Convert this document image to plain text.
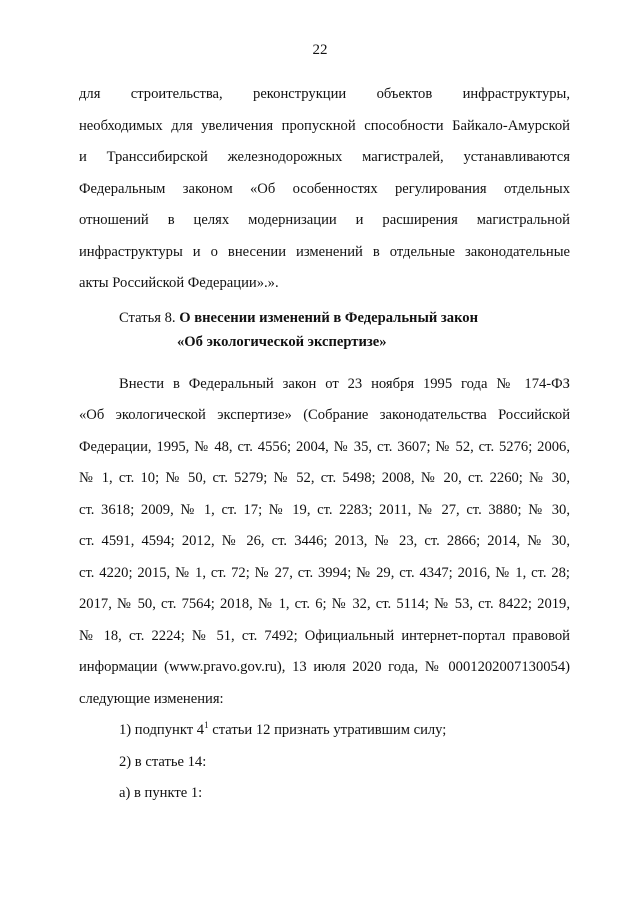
22

для строительства, реконструкции объектов инфраструктуры,

необходимых для увеличения пропускной способности Байкало-Амурской

и Транссибирской железнодорожных магистралей, устанавливаются

Федеральным законом «Об особенностях регулирования отдельных

отношений в целях модернизации и расширения магистральной

инфраструктуры и о внесении изменений в отдельные законодательные

акты Российской Федерации».».

Статья 8. О внесении изменений в Федеральный закон

«Об экологической экспертизе»

Внести в Федеральный закон от 23 ноября 1995 года № 174-ФЗ

«Об экологической экспертизе» (Собрание законодательства Российской

Федерации, 1995, № 48, ст. 4556; 2004, № 35, ст. 3607; № 52, ст. 5276; 2006,

№ 1, ст. 10; № 50, ст. 5279; № 52, ст. 5498; 2008, № 20, ст. 2260; № 30,

ст. 3618; 2009, № 1, ст. 17; № 19, ст. 2283; 2011, № 27, ст. 3880; № 30,

ст. 4591, 4594; 2012, № 26, ст. 3446; 2013, № 23, ст. 2866; 2014, № 30,

ст. 4220; 2015, № 1, ст. 72; № 27, ст. 3994; № 29, ст. 4347; 2016, № 1, ст. 28;

2017, № 50, ст. 7564; 2018, № 1, ст. 6; № 32, ст. 5114; № 53, ст. 8422; 2019,

№ 18, ст. 2224; № 51, ст. 7492; Официальный интернет-портал правовой

информации (www.pravo.gov.ru), 13 июля 2020 года, № 0001202007130054)

следующие изменения:

1) подпункт $4^1$ статьи 12 признать утратившим силу;

2) в статье 14:

а) в пункте 1:
